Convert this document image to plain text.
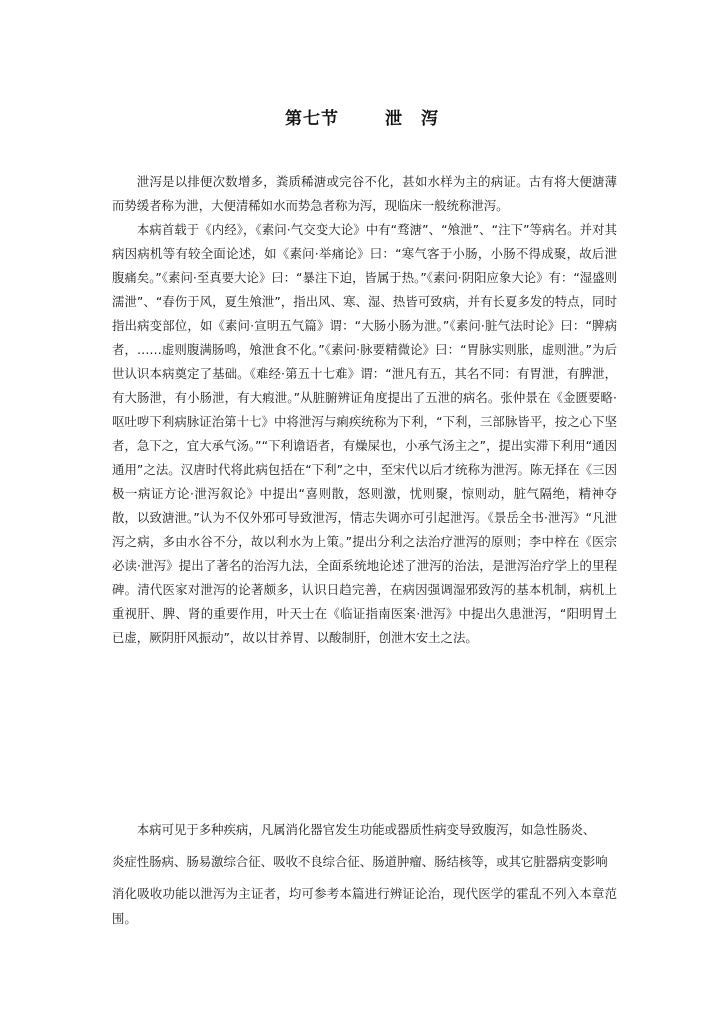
第七节	泄　泻

泄泻是以排便次数增多，粪质稀溏或完谷不化，甚如水样为主的病证。古有将大便溏薄而势缓者称为泄，大便清稀如水而势急者称为泻，现临床一般统称泄泻。

本病首载于《内经》，《素问·气交变大论》中有“骛溏”、“飧泄”、“注下”等病名。并对其病因病机等有较全面论述，如《素问·举痛论》曰：“寒气客于小肠，小肠不得成聚，故后泄腹痛矣。”《素问·至真要大论》曰：“暴注下迫，皆属于热。”《素问·阴阳应象大论》有：“湿盛则濡泄”、“春伤于风，夏生飧泄”，指出风、寒、湿、热皆可致病，并有长夏多发的特点，同时指出病变部位，如《素问·宣明五气篇》谓：“大肠小肠为泄。”《素问·脏气法时论》曰：“脾病者，……虚则腹满肠鸣，飧泄食不化。”《素问·脉要精微论》曰：“胃脉实则胀，虚则泄。”为后世认识本病奠定了基础。《难经·第五十七难》谓：“泄凡有五，其名不同：有胃泄，有脾泄，有大肠泄，有小肠泄，有大瘕泄。”从脏腑辨证角度提出了五泄的病名。张仲景在《金匮要略·呕吐哕下利病脉证治第十七》中将泄泻与痢疾统称为下利，“下利，三部脉皆平，按之心下坚者，急下之，宜大承气汤。”“下利谵语者，有燥屎也，小承气汤主之”，提出实滞下利用“通因通用”之法。汉唐时代将此病包括在“下利”之中，至宋代以后才统称为泄泻。陈无择在《三因极一病证方论·泄泻叙论》中提出“喜则散，怒则激，忧则聚，惊则动，脏气隔绝，精神夺散，以致溏泄。”认为不仅外邪可导致泄泻，情志失调亦可引起泄泻。《景岳全书·泄泻》“凡泄泻之病，多由水谷不分，故以利水为上策。”提出分利之法治疗泄泻的原则；李中梓在《医宗必读·泄泻》提出了著名的治泻九法，全面系统地论述了泄泻的治法，是泄泻治疗学上的里程碑。清代医家对泄泻的论著颇多，认识日趋完善，在病因强调湿邪致泻的基本机制，病机上重视肝、脾、肾的重要作用，叶天士在《临证指南医案·泄泻》中提出久患泄泻，“阳明胃土已虚，厥阴肝风振动”，故以甘养胃、以酸制肝，创泄木安土之法。

本病可见于多种疾病，凡属消化器官发生功能或器质性病变导致腹泻，如急性肠炎、

炎症性肠病、肠易激综合征、吸收不良综合征、肠道肿瘤、肠结核等，或其它脏器病变影响

消化吸收功能以泄泻为主证者，均可参考本篇进行辨证论治，现代医学的霍乱不列入本章范围。
